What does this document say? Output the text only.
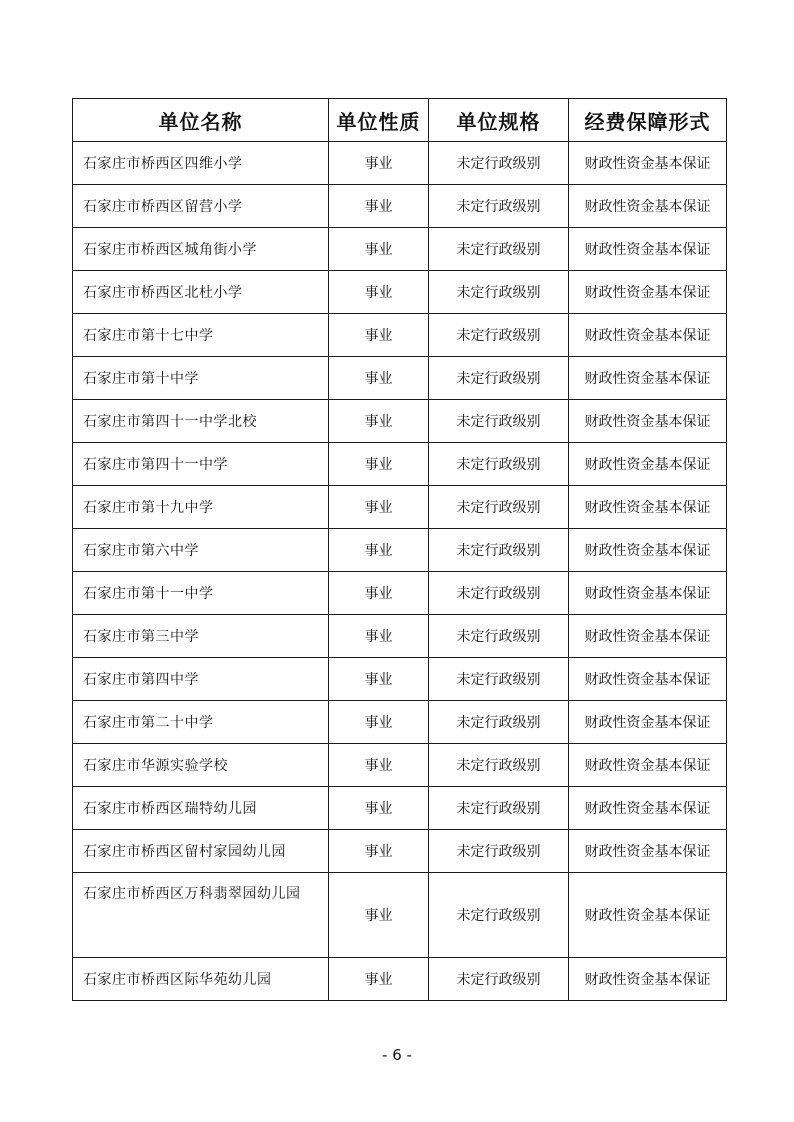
单位名称	单位性质	单位规格	经费保障形式
石家庄市桥西区四维小学	事业	未定行政级别	财政性资金基本保证
石家庄市桥西区留营小学	事业	未定行政级别	财政性资金基本保证
石家庄市桥西区城角街小学	事业	未定行政级别	财政性资金基本保证
石家庄市桥西区北杜小学	事业	未定行政级别	财政性资金基本保证
石家庄市第十七中学	事业	未定行政级别	财政性资金基本保证
石家庄市第十中学	事业	未定行政级别	财政性资金基本保证
石家庄市第四十一中学北校	事业	未定行政级别	财政性资金基本保证
石家庄市第四十一中学	事业	未定行政级别	财政性资金基本保证
石家庄市第十九中学	事业	未定行政级别	财政性资金基本保证
石家庄市第六中学	事业	未定行政级别	财政性资金基本保证
石家庄市第十一中学	事业	未定行政级别	财政性资金基本保证
石家庄市第三中学	事业	未定行政级别	财政性资金基本保证
石家庄市第四中学	事业	未定行政级别	财政性资金基本保证
石家庄市第二十中学	事业	未定行政级别	财政性资金基本保证
石家庄市华源实验学校	事业	未定行政级别	财政性资金基本保证
石家庄市桥西区瑞特幼儿园	事业	未定行政级别	财政性资金基本保证
石家庄市桥西区留村家园幼儿园	事业	未定行政级别	财政性资金基本保证
石家庄市桥西区万科翡翠园幼儿园	事业	未定行政级别	财政性资金基本保证
石家庄市桥西区际华苑幼儿园	事业	未定行政级别	财政性资金基本保证
- 6 -
